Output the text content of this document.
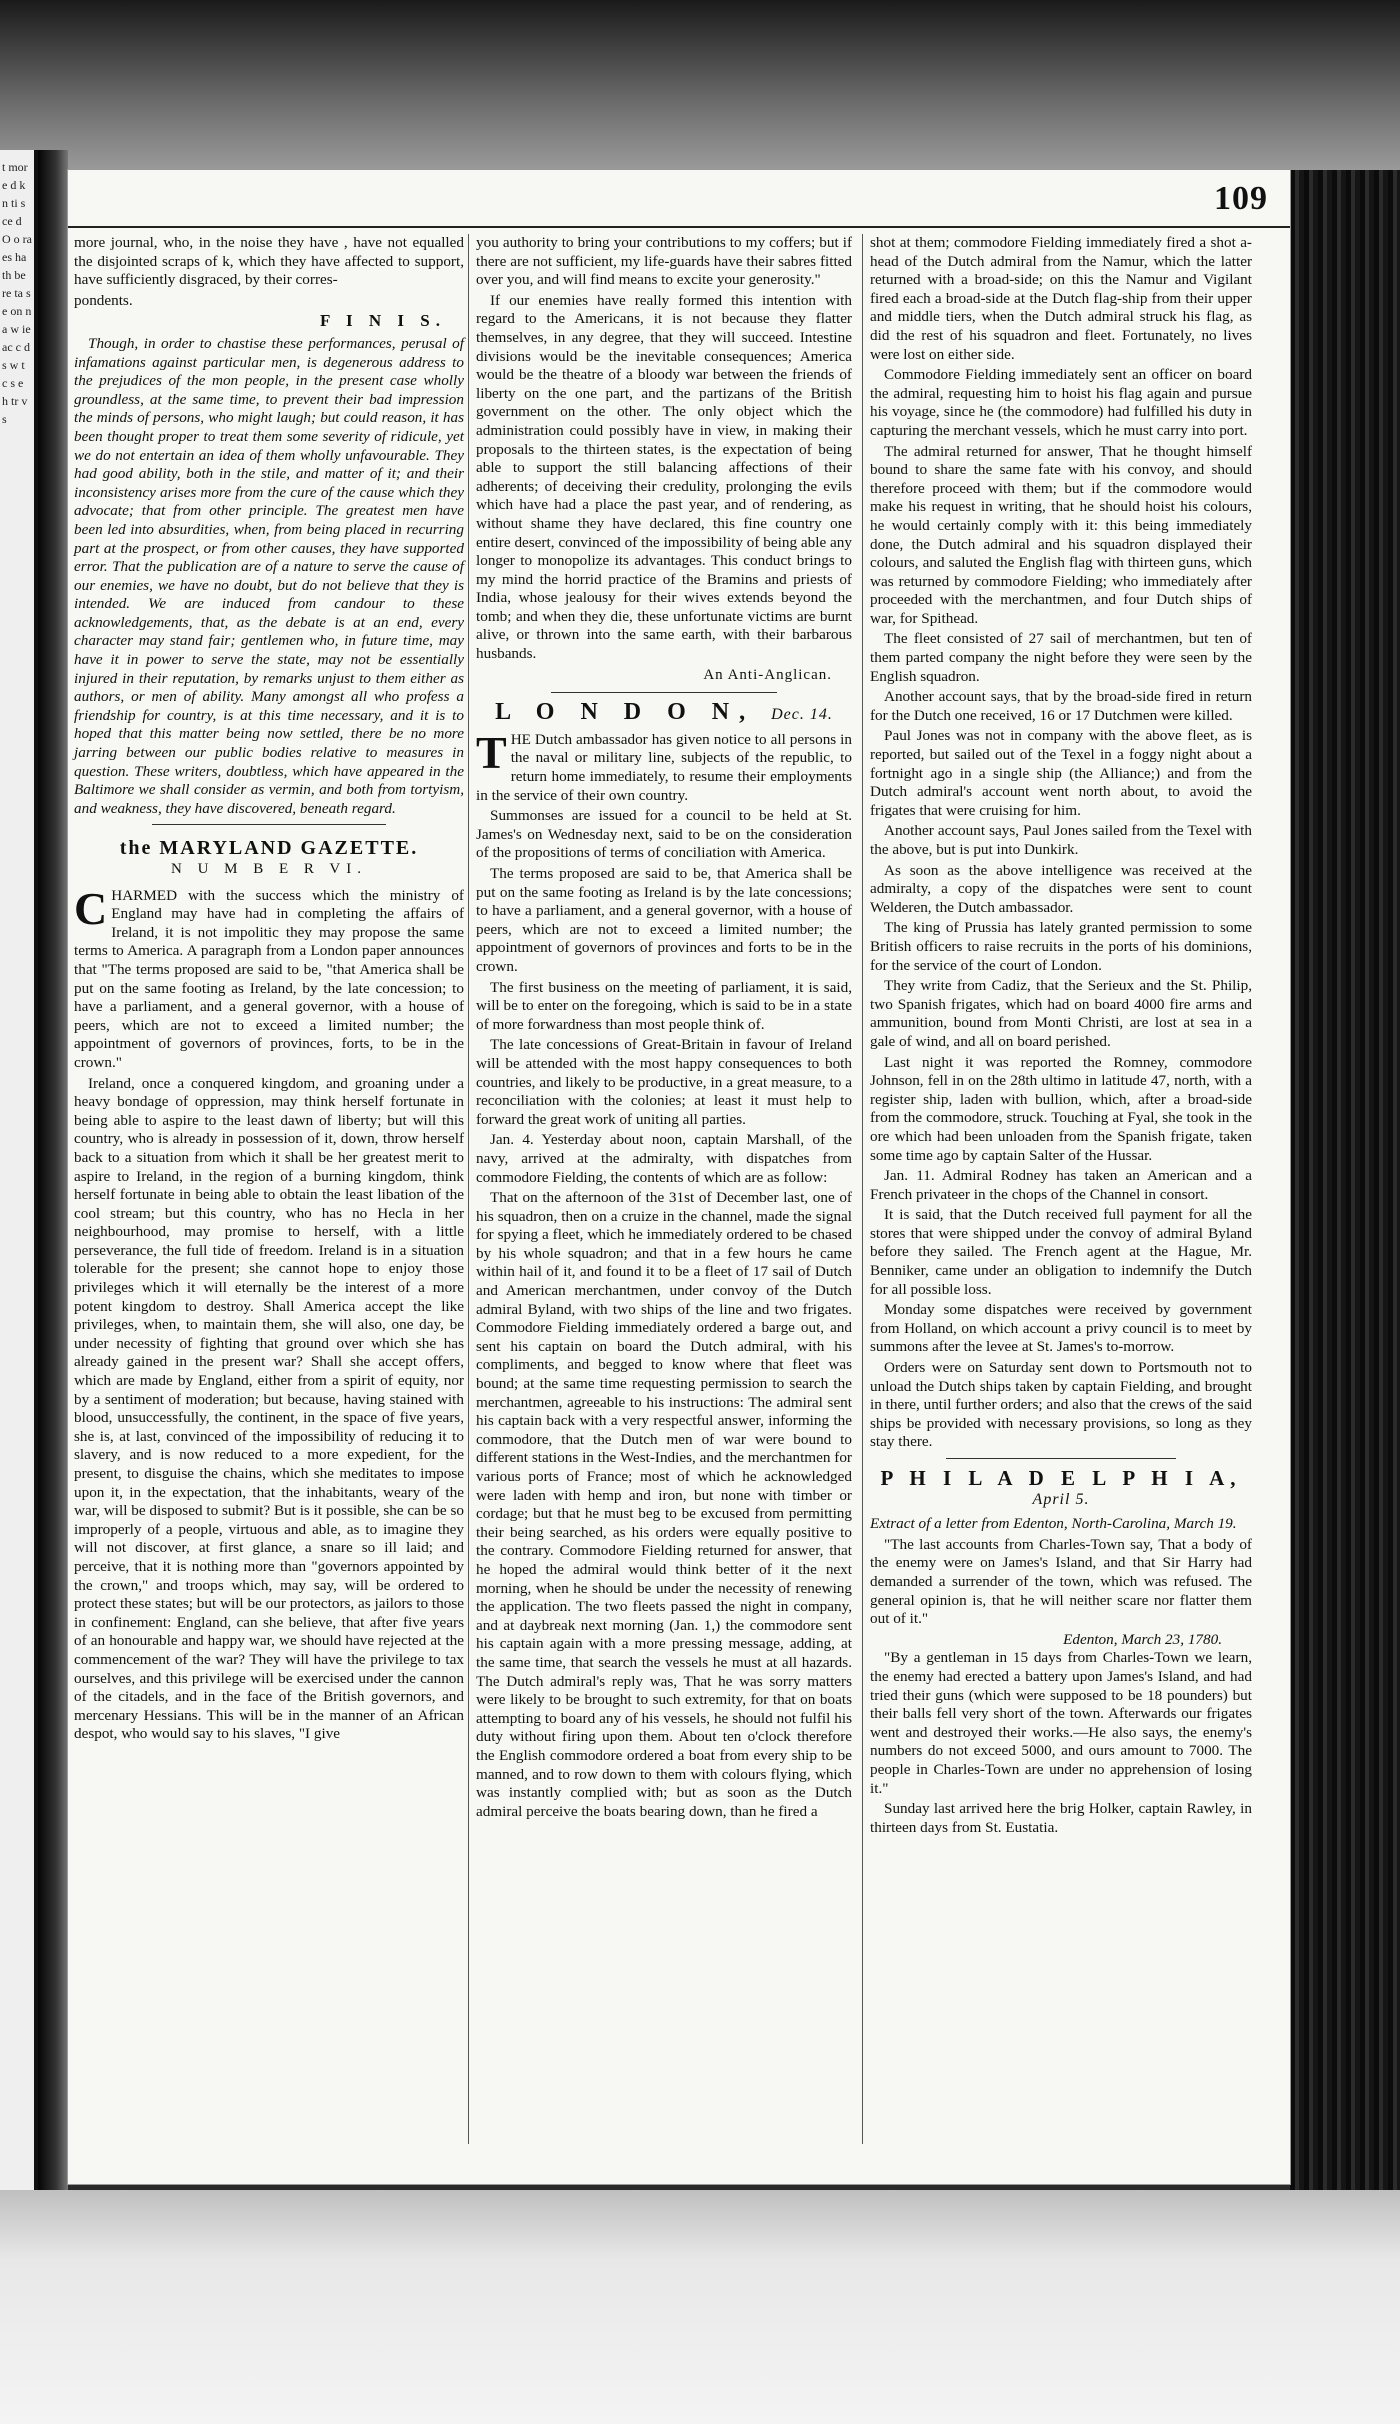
t more d k n ti s ce d O o ra es ha th be re ta se on na w ie ac c d s w t c s e h tr v s
109

more journal, who, in the noise they have , have not equalled the disjointed scraps of k, which they have affected to support, have sufficiently disgraced, by their corres-

pondents.

F I N I S.

Though, in order to chastise these performances, perusal of infamations against particular men, is degenerous address to the prejudices of the mon people, in the present case wholly groundless, at the same time, to prevent their bad impression the minds of persons, who might laugh; but could reason, it has been thought proper to treat them some severity of ridicule, yet we do not entertain an idea of them wholly unfavourable. They had good ability, both in the stile, and matter of it; and their inconsistency arises more from the cure of the cause which they advocate; that from other principle. The greatest men have been led into absurdities, when, from being placed in recurring part at the prospect, or from other causes, they have supported error. That the publication are of a nature to serve the cause of our enemies, we have no doubt, but do not believe that they is intended. We are induced from candour to these acknowledgements, that, as the debate is at an end, every character may stand fair; gentlemen who, in future time, may have it in power to serve the state, may not be essentially injured in their reputation, by remarks unjust to them either as authors, or men of ability. Many amongst all who profess a friendship for country, is at this time necessary, and it is to hoped that this matter being now settled, there be no more jarring between our public bodies relative to measures in question. These writers, doubtless, which have appeared in the Baltimore we shall consider as vermin, and both from tortyism, and weakness, they have discovered, beneath regard.

the MARYLAND GAZETTE.
N U M B E R VI.

CHARMED with the success which the ministry of England may have had in completing the affairs of Ireland, it is not impolitic they may propose the same terms to America. A paragraph from a London paper announces that "The terms proposed are said to be, "that America shall be put on the same footing as Ireland, by the late concession; to have a parliament, and a general governor, with a house of peers, which are not to exceed a limited number; the appointment of governors of provinces, forts, to be in the crown."

Ireland, once a conquered kingdom, and groaning under a heavy bondage of oppression, may think herself fortunate in being able to aspire to the least dawn of liberty; but will this country, who is already in possession of it, down, throw herself back to a situation from which it shall be her greatest merit to aspire to Ireland, in the region of a burning kingdom, think herself fortunate in being able to obtain the least libation of the cool stream; but this country, who has no Hecla in her neighbourhood, may promise to herself, with a little perseverance, the full tide of freedom. Ireland is in a situation tolerable for the present; she cannot hope to enjoy those privileges which it will eternally be the interest of a more potent kingdom to destroy. Shall America accept the like privileges, when, to maintain them, she will also, one day, be under necessity of fighting that ground over which she has already gained in the present war? Shall she accept offers, which are made by England, either from a spirit of equity, nor by a sentiment of moderation; but because, having stained with blood, unsuccessfully, the continent, in the space of five years, she is, at last, convinced of the impossibility of reducing it to slavery, and is now reduced to a more expedient, for the present, to disguise the chains, which she meditates to impose upon it, in the expectation, that the inhabitants, weary of the war, will be disposed to submit? But is it possible, she can be so improperly of a people, virtuous and able, as to imagine they will not discover, at first glance, a snare so ill laid; and perceive, that it is nothing more than "governors appointed by the crown," and troops which, may say, will be ordered to protect these states; but will be our protectors, as jailors to those in confinement: England, can she believe, that after five years of an honourable and happy war, we should have rejected at the commencement of the war? They will have the privilege to tax ourselves, and this privilege will be exercised under the cannon of the citadels, and in the face of the British governors, and mercenary Hessians. This will be in the manner of an African despot, who would say to his slaves, "I give

you authority to bring your contributions to my coffers; but if there are not sufficient, my life-guards have their sabres fitted over you, and will find means to excite your generosity."

If our enemies have really formed this intention with regard to the Americans, it is not because they flatter themselves, in any degree, that they will succeed. Intestine divisions would be the inevitable consequences; America would be the theatre of a bloody war between the friends of liberty on the one part, and the partizans of the British government on the other. The only object which the administration could possibly have in view, in making their proposals to the thirteen states, is the expectation of being able to support the still balancing affections of their adherents; of deceiving their credulity, prolonging the evils which have had a place the past year, and of rendering, as without shame they have declared, this fine country one entire desert, convinced of the impossibility of being able any longer to monopolize its advantages. This conduct brings to my mind the horrid practice of the Bramins and priests of India, whose jealousy for their wives extends beyond the tomb; and when they die, these unfortunate victims are burnt alive, or thrown into the same earth, with their barbarous husbands.

An Anti-Anglican.
L O N D O N, Dec. 14.

THE Dutch ambassador has given notice to all persons in the naval or military line, subjects of the republic, to return home immediately, to resume their employments in the service of their own country.

Summonses are issued for a council to be held at St. James's on Wednesday next, said to be on the consideration of the propositions of terms of conciliation with America.

The terms proposed are said to be, that America shall be put on the same footing as Ireland is by the late concessions; to have a parliament, and a general governor, with a house of peers, which are not to exceed a limited number; the appointment of governors of provinces and forts to be in the crown.

The first business on the meeting of parliament, it is said, will be to enter on the foregoing, which is said to be in a state of more forwardness than most people think of.

The late concessions of Great-Britain in favour of Ireland will be attended with the most happy consequences to both countries, and likely to be productive, in a great measure, to a reconciliation with the colonies; at least it must help to forward the great work of uniting all parties.

Jan. 4. Yesterday about noon, captain Marshall, of the navy, arrived at the admiralty, with dispatches from commodore Fielding, the contents of which are as follow:

That on the afternoon of the 31st of December last, one of his squadron, then on a cruize in the channel, made the signal for spying a fleet, which he immediately ordered to be chased by his whole squadron; and that in a few hours he came within hail of it, and found it to be a fleet of 17 sail of Dutch and American merchantmen, under convoy of the Dutch admiral Byland, with two ships of the line and two frigates. Commodore Fielding immediately ordered a barge out, and sent his captain on board the Dutch admiral, with his compliments, and begged to know where that fleet was bound; at the same time requesting permission to search the merchantmen, agreeable to his instructions: The admiral sent his captain back with a very respectful answer, informing the commodore, that the Dutch men of war were bound to different stations in the West-Indies, and the merchantmen for various ports of France; most of which he acknowledged were laden with hemp and iron, but none with timber or cordage; but that he must beg to be excused from permitting their being searched, as his orders were equally positive to the contrary. Commodore Fielding returned for answer, that he hoped the admiral would think better of it the next morning, when he should be under the necessity of renewing the application. The two fleets passed the night in company, and at daybreak next morning (Jan. 1,) the commodore sent his captain again with a more pressing message, adding, at the same time, that search the vessels he must at all hazards. The Dutch admiral's reply was, That he was sorry matters were likely to be brought to such extremity, for that on boats attempting to board any of his vessels, he should not fulfil his duty without firing upon them. About ten o'clock therefore the English commodore ordered a boat from every ship to be manned, and to row down to them with colours flying, which was instantly complied with; but as soon as the Dutch admiral perceive the boats bearing down, than he fired a

shot at them; commodore Fielding immediately fired a shot a-head of the Dutch admiral from the Namur, which the latter returned with a broad-side; on this the Namur and Vigilant fired each a broad-side at the Dutch flag-ship from their upper and middle tiers, when the Dutch admiral struck his flag, as did the rest of his squadron and fleet. Fortunately, no lives were lost on either side.

Commodore Fielding immediately sent an officer on board the admiral, requesting him to hoist his flag again and pursue his voyage, since he (the commodore) had fulfilled his duty in capturing the merchant vessels, which he must carry into port.

The admiral returned for answer, That he thought himself bound to share the same fate with his convoy, and should therefore proceed with them; but if the commodore would make his request in writing, that he should hoist his colours, he would certainly comply with it: this being immediately done, the Dutch admiral and his squadron displayed their colours, and saluted the English flag with thirteen guns, which was returned by commodore Fielding; who immediately after proceeded with the merchantmen, and four Dutch ships of war, for Spithead.

The fleet consisted of 27 sail of merchantmen, but ten of them parted company the night before they were seen by the English squadron.

Another account says, that by the broad-side fired in return for the Dutch one received, 16 or 17 Dutchmen were killed.

Paul Jones was not in company with the above fleet, as is reported, but sailed out of the Texel in a foggy night about a fortnight ago in a single ship (the Alliance;) and from the Dutch admiral's account went north about, to avoid the frigates that were cruising for him.

Another account says, Paul Jones sailed from the Texel with the above, but is put into Dunkirk.

As soon as the above intelligence was received at the admiralty, a copy of the dispatches were sent to count Welderen, the Dutch ambassador.

The king of Prussia has lately granted permission to some British officers to raise recruits in the ports of his dominions, for the service of the court of London.

They write from Cadiz, that the Serieux and the St. Philip, two Spanish frigates, which had on board 4000 fire arms and ammunition, bound from Monti Christi, are lost at sea in a gale of wind, and all on board perished.

Last night it was reported the Romney, commodore Johnson, fell in on the 28th ultimo in latitude 47, north, with a register ship, laden with bullion, which, after a broad-side from the commodore, struck. Touching at Fyal, she took in the ore which had been unloaden from the Spanish frigate, taken some time ago by captain Salter of the Hussar.

Jan. 11. Admiral Rodney has taken an American and a French privateer in the chops of the Channel in consort.

It is said, that the Dutch received full payment for all the stores that were shipped under the convoy of admiral Byland before they sailed. The French agent at the Hague, Mr. Benniker, came under an obligation to indemnify the Dutch for all possible loss.

Monday some dispatches were received by government from Holland, on which account a privy council is to meet by summons after the levee at St. James's to-morrow.

Orders were on Saturday sent down to Portsmouth not to unload the Dutch ships taken by captain Fielding, and brought in there, until further orders; and also that the crews of the said ships be provided with necessary provisions, so long as they stay there.

P H I L A D E L P H I A, April 5.

Extract of a letter from Edenton, North-Carolina, March 19.

"The last accounts from Charles-Town say, That a body of the enemy were on James's Island, and that Sir Harry had demanded a surrender of the town, which was refused. The general opinion is, that he will neither scare nor flatter them out of it."

Edenton, March 23, 1780.

"By a gentleman in 15 days from Charles-Town we learn, the enemy had erected a battery upon James's Island, and had tried their guns (which were supposed to be 18 pounders) but their balls fell very short of the town. Afterwards our frigates went and destroyed their works.—He also says, the enemy's numbers do not exceed 5000, and ours amount to 7000. The people in Charles-Town are under no apprehension of losing it."

Sunday last arrived here the brig Holker, captain Rawley, in thirteen days from St. Eustatia.
